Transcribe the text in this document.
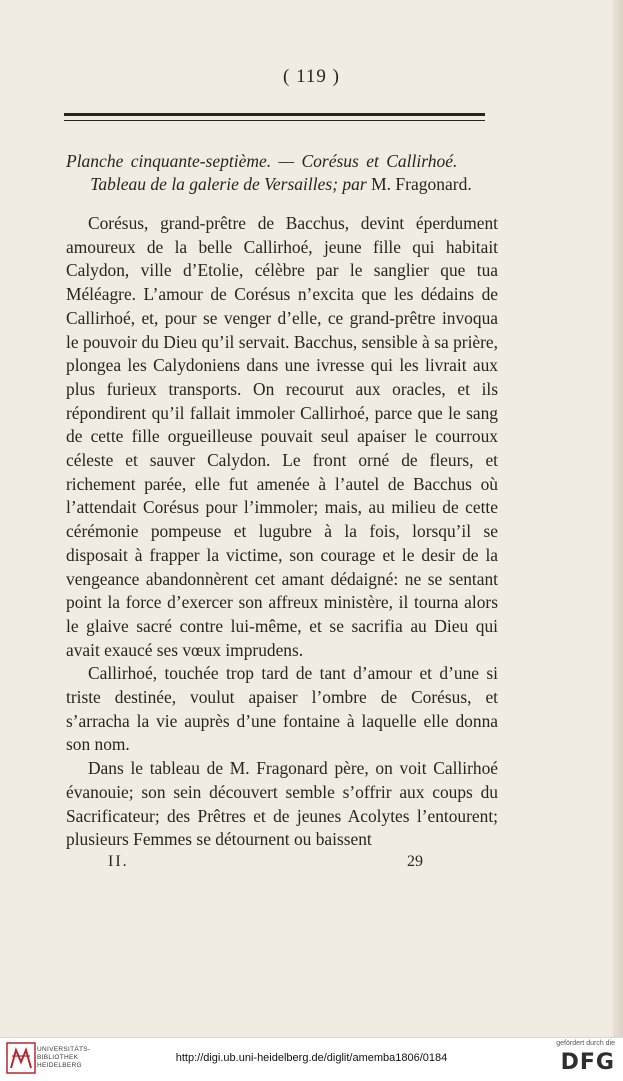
( 119 )
Planche cinquante-septième. — Corésus et Callirhoé.
Tableau de la galerie de Versailles; par M. Fragonard.

Corésus, grand-prêtre de Bacchus, devint éperdument amoureux de la belle Callirhoé, jeune fille qui habitait Calydon, ville d’Etolie, célèbre par le sanglier que tua Méléagre. L’amour de Corésus n’excita que les dédains de Callirhoé, et, pour se venger d’elle, ce grand-prêtre invoqua le pouvoir du Dieu qu’il servait. Bacchus, sensible à sa prière, plongea les Calydoniens dans une ivresse qui les livrait aux plus furieux transports. On recourut aux oracles, et ils répondirent qu’il fallait immoler Callirhoé, parce que le sang de cette fille orgueilleuse pouvait seul apaiser le courroux céleste et sauver Calydon. Le front orné de fleurs, et richement parée, elle fut amenée à l’autel de Bacchus où l’attendait Corésus pour l’immoler; mais, au milieu de cette cérémonie pompeuse et lugubre à la fois, lorsqu’il se disposait à frapper la victime, son courage et le desir de la vengeance abandonnèrent cet amant dédaigné: ne se sentant point la force d’exercer son affreux ministère, il tourna alors le glaive sacré contre lui-même, et se sacrifia au Dieu qui avait exaucé ses vœux imprudens.

Callirhoé, touchée trop tard de tant d’amour et d’une si triste destinée, voulut apaiser l’ombre de Corésus, et s’arracha la vie auprès d’une fontaine à laquelle elle donna son nom.

Dans le tableau de M. Fragonard père, on voit Callirhoé évanouie; son sein découvert semble s’offrir aux coups du Sacrificateur; des Prêtres et de jeunes Acolytes l’entourent; plusieurs Femmes se détournent ou baissent

II.	29
UNIVERSITÄTS-
BIBLIOTHEK
HEIDELBERG
http://digi.ub.uni-heidelberg.de/diglit/amemba1806/0184
gefördert durch die
DFG
